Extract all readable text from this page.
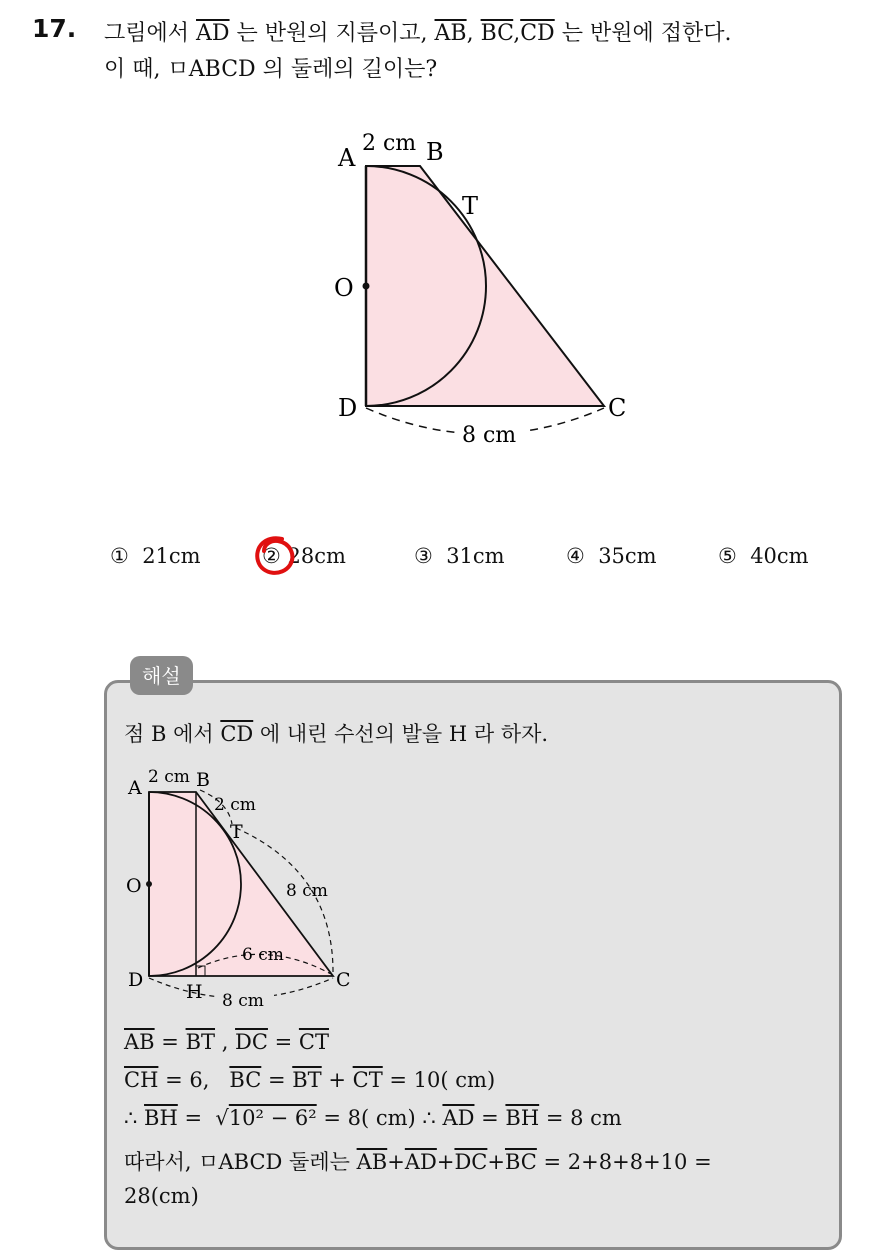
17. 그림에서 $\overline{AD}$ 는 반원의 지름이고, $\overline{AB}$, $\overline{BC},\overline{CD}$ 는 반원에 접한다.
이 때, ㅁABCD 의 둘레의 길이는?
A	B
T
O
D	C
2 cm
8 cm
① 21cm	② 28cm	③ 31cm	④ 35cm	⑤ 40cm
해설
점 B 에서 $\overline{CD}$ 에 내린 수선의 발을 H 라 하자.
A	B
T
O
D
H
C
2 cm
2 cm
8 cm
6 cm
8 cm
$\overline{AB} = \overline{BT}$ , $\overline{DC} = \overline{CT}$
$\overline{CH} = 6$,   $\overline{BC} = \overline{BT} + \overline{CT} = 10$( cm)
∴ $\overline{BH} = √10^2 - 6^2 = 8$( cm) ∴ $\overline{AD} = \overline{BH} = 8$ cm
따라서, ㅁABCD 둘레는 $\overline{AB}+\overline{AD}+\overline{DC}+\overline{BC} = 2+8+8+10$ =
28(cm)
